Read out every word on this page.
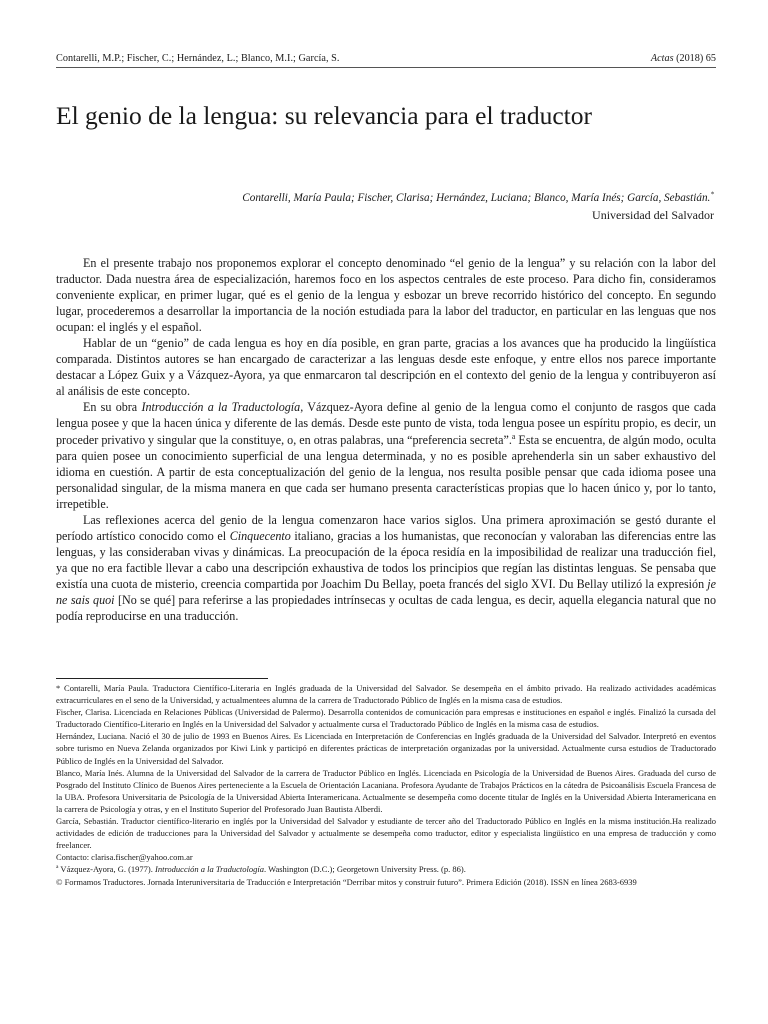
Contarelli, M.P.; Fischer, C.; Hernández, L.; Blanco, M.I.; García, S.	Actas (2018) 65
El genio de la lengua: su relevancia para el traductor
Contarelli, María Paula; Fischer, Clarisa; Hernández, Luciana; Blanco, María Inés; García, Sebastián.*
Universidad del Salvador

En el presente trabajo nos proponemos explorar el concepto denominado “el genio de la lengua” y su relación con la labor del traductor. Dada nuestra área de especialización, haremos foco en los aspectos centrales de este proceso. Para dicho fin, consideramos conveniente explicar, en primer lugar, qué es el genio de la lengua y esbozar un breve recorrido histórico del concepto. En segundo lugar, procederemos a desarrollar la importancia de la noción estudiada para la labor del traductor, en particular en las lenguas que nos ocupan: el inglés y el español.

Hablar de un “genio” de cada lengua es hoy en día posible, en gran parte, gracias a los avances que ha producido la lingüística comparada. Distintos autores se han encargado de caracterizar a las lenguas desde este enfoque, y entre ellos nos parece importante destacar a López Guix y a Vázquez-Ayora, ya que enmarcaron tal descripción en el contexto del genio de la lengua y contribuyeron así al análisis de este concepto.

En su obra Introducción a la Traductología, Vázquez-Ayora define al genio de la lengua como el conjunto de rasgos que cada lengua posee y que la hacen única y diferente de las demás. Desde este punto de vista, toda lengua posee un espíritu propio, es decir, un proceder privativo y singular que la constituye, o, en otras palabras, una “preferencia secreta”.$^a$ Esta se encuentra, de algún modo, oculta para quien posee un conocimiento superficial de una lengua determinada, y no es posible aprehenderla sin un saber exhaustivo del idioma en cuestión. A partir de esta conceptualización del genio de la lengua, nos resulta posible pensar que cada idioma posee una personalidad singular, de la misma manera en que cada ser humano presenta características propias que lo hacen único y, por lo tanto, irrepetible.

Las reflexiones acerca del genio de la lengua comenzaron hace varios siglos. Una primera aproximación se gestó durante el período artístico conocido como el Cinquecento italiano, gracias a los humanistas, que reconocían y valoraban las diferencias entre las lenguas, y las consideraban vivas y dinámicas. La preocupación de la época residía en la imposibilidad de realizar una traducción fiel, ya que no era factible llevar a cabo una descripción exhaustiva de todos los principios que regían las distintas lenguas. Se pensaba que existía una cuota de misterio, creencia compartida por Joachim Du Bellay, poeta francés del siglo XVI. Du Bellay utilizó la expresión je ne sais quoi [No se qué] para referirse a las propiedades intrínsecas y ocultas de cada lengua, es decir, aquella elegancia natural que no podía reproducirse en una traducción.

* Contarelli, María Paula. Traductora Científico-Literaria en Inglés graduada de la Universidad del Salvador. Se desempeña en el ámbito privado. Ha realizado actividades académicas extracurriculares en el seno de la Universidad, y actualmentees alumna de la carrera de Traductorado Público de Inglés en la misma casa de estudios.

Fischer, Clarisa. Licenciada en Relaciones Públicas (Universidad de Palermo). Desarrolla contenidos de comunicación para empresas e instituciones en español e inglés. Finalizó la cursada del Traductorado Científico-Literario en Inglés en la Universidad del Salvador y actualmente cursa el Traductorado Público de Inglés en la misma casa de estudios.

Hernández, Luciana. Nació el 30 de julio de 1993 en Buenos Aires. Es Licenciada en Interpretación de Conferencias en Inglés graduada de la Universidad del Salvador. Interpretó en eventos sobre turismo en Nueva Zelanda organizados por Kiwi Link y participó en diferentes prácticas de interpretación organizadas por la universidad. Actualmente cursa estudios de Traductorado Público de Inglés en la Universidad del Salvador.

Blanco, María Inés. Alumna de la Universidad del Salvador de la carrera de Traductor Público en Inglés. Licenciada en Psicología de la Universidad de Buenos Aires. Graduada del curso de Posgrado del Instituto Clínico de Buenos Aires perteneciente a la Escuela de Orientación Lacaniana. Profesora Ayudante de Trabajos Prácticos en la cátedra de Psicoanálisis Escuela Francesa de la UBA. Profesora Universitaria de Psicología de la Universidad Abierta Interamericana. Actualmente se desempeña como docente titular de Inglés en la Universidad Abierta Interamericana en la carrera de Psicología y otras, y en el Instituto Superior del Profesorado Juan Bautista Alberdi.

García, Sebastián. Traductor científico-literario en inglés por la Universidad del Salvador y estudiante de tercer año del Traductorado Público en Inglés en la misma institución.Ha realizado actividades de edición de traducciones para la Universidad del Salvador y actualmente se desempeña como traductor, editor y especialista lingüístico en una empresa de traducción y como freelancer.

Contacto: clarisa.fischer@yahoo.com.ar

$^a$ Vázquez-Ayora, G. (1977). Introducción a la Traductología. Washington (D.C.); Georgetown University Press. (p. 86).

© Formamos Traductores. Jornada Interuniversitaria de Traducción e Interpretación “Derribar mitos y construir futuro”. Primera Edición (2018). ISSN en línea 2683-6939
